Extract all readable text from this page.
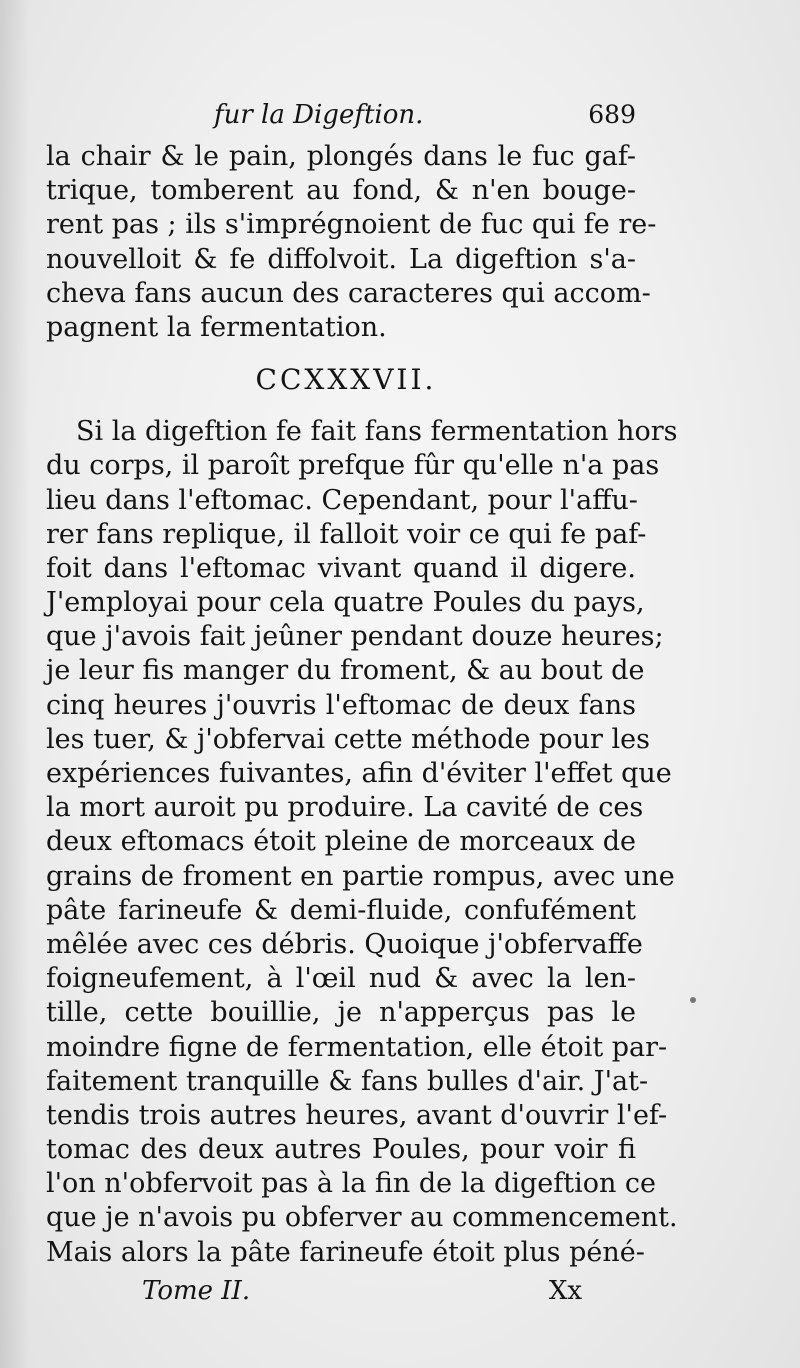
fur la Digeftion.	689
la chair & le pain, plongés dans le fuc gaf-
trique, tomberent au fond, & n'en bouge-
rent pas ; ils s'imprégnoient de fuc qui fe re-
nouvelloit & fe diffolvoit. La digeftion s'a-
cheva fans aucun des caracteres qui accom-
pagnent la fermentation.
CCXXXVII.
Si la digeftion fe fait fans fermentation hors
du corps, il paroît prefque fûr qu'elle n'a pas
lieu dans l'eftomac. Cependant, pour l'affu-
rer fans replique, il falloit voir ce qui fe paf-
foit dans l'eftomac vivant quand il digere.
J'employai pour cela quatre Poules du pays,
que j'avois fait jeûner pendant douze heures;
je leur fis manger du froment, & au bout de
cinq heures j'ouvris l'eftomac de deux fans
les tuer, & j'obfervai cette méthode pour les
expériences fuivantes, afin d'éviter l'effet que
la mort auroit pu produire. La cavité de ces
deux eftomacs étoit pleine de morceaux de
grains de froment en partie rompus, avec une
pâte farineufe & demi-fluide, confufément
mêlée avec ces débris. Quoique j'obfervaffe
foigneufement, à l'œil nud & avec la len-
tille, cette bouillie, je n'apperçus pas le
moindre figne de fermentation, elle étoit par-
faitement tranquille & fans bulles d'air. J'at-
tendis trois autres heures, avant d'ouvrir l'ef-
tomac des deux autres Poules, pour voir fi
l'on n'obfervoit pas à la fin de la digeftion ce
que je n'avois pu obferver au commencement.
Mais alors la pâte farineufe étoit plus péné-
Tome II.	Xx
